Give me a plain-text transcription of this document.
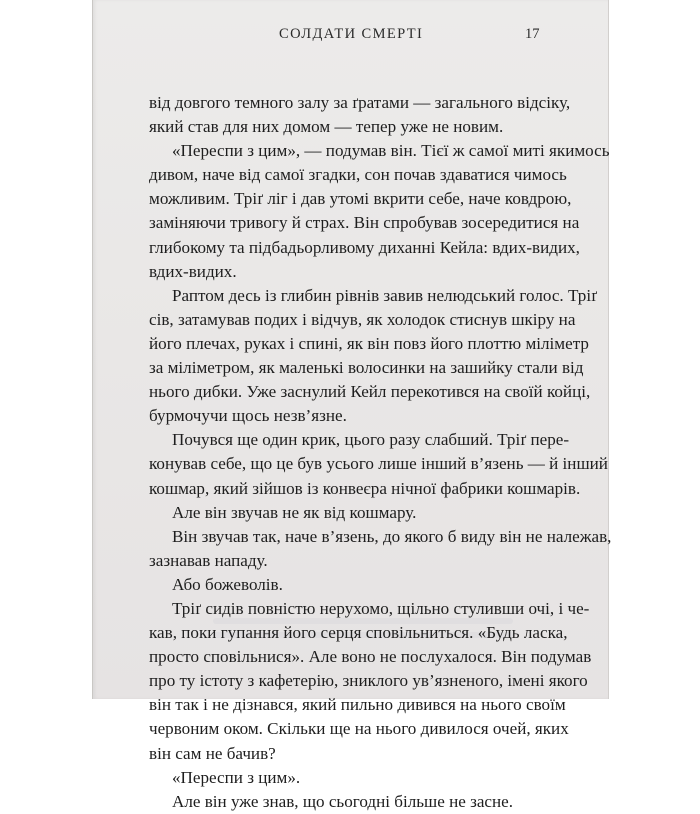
СОЛДАТИ СМЕРТІ	17
від довгого темного залу за ґратами — загального відсіку,
який став для них домом — тепер уже не новим.
«Переспи з цим», — подумав він. Тієї ж самої миті якимось
дивом, наче від самої згадки, сон почав здаватися чимось
можливим. Тріґ ліг і дав утомі вкрити себе, наче ковдрою,
заміняючи тривогу й страх. Він спробував зосередитися на
глибокому та підбадьорливому диханні Кейла: вдих-видих,
вдих-видих.
Раптом десь із глибин рівнів завив нелюдський голос. Тріґ
сів, затамував подих і відчув, як холодок стиснув шкіру на
його плечах, руках і спині, як він повз його плоттю міліметр
за міліметром, як маленькі волосинки на зашийку стали від
нього дибки. Уже заснулий Кейл перекотився на своїй койці,
бурмочучи щось незв’язне.
Почувся ще один крик, цього разу слабший. Тріґ пере-
конував себе, що це був усього лише інший в’язень — й інший
кошмар, який зійшов із конвеєра нічної фабрики кошмарів.
Але він звучав не як від кошмару.
Він звучав так, наче в’язень, до якого б виду він не належав,
зазнавав нападу.
Або божеволів.
Тріґ сидів повністю нерухомо, щільно стуливши очі, і че-
кав, поки гупання його серця сповільниться. «Будь ласка,
просто сповільнися». Але воно не послухалося. Він подумав
про ту істоту з кафетерію, зниклого ув’язненого, імені якого
він так і не дізнався, який пильно дивився на нього своїм
червоним оком. Скільки ще на нього дивилося очей, яких
він сам не бачив?
«Переспи з цим».
Але він уже знав, що сьогодні більше не засне.
